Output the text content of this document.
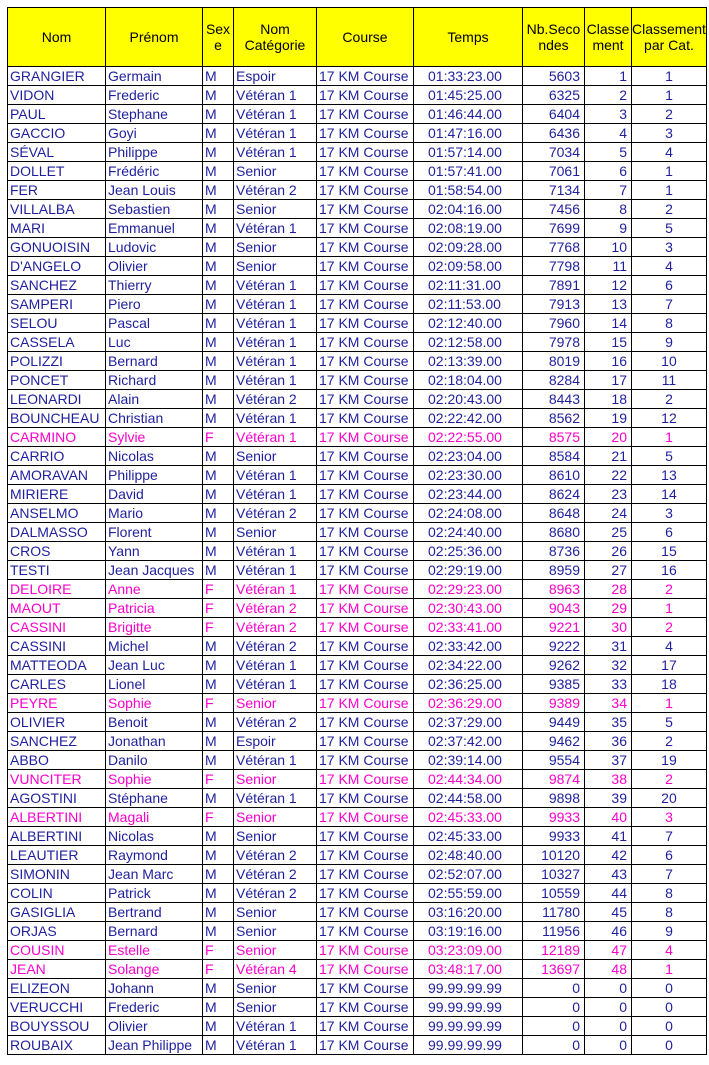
Nom	Prénom	Sexe	Nom Catégorie	Course	Temps	Nb.Secondes	Classement	Classement par Cat.

GRANGIER	Germain	M	Espoir	17 KM Course	01:33:23.00	5603	1	1
VIDON	Frederic	M	Vétéran 1	17 KM Course	01:45:25.00	6325	2	1
PAUL	Stephane	M	Vétéran 1	17 KM Course	01:46:44.00	6404	3	2
GACCIO	Goyi	M	Vétéran 1	17 KM Course	01:47:16.00	6436	4	3
SÉVAL	Philippe	M	Vétéran 1	17 KM Course	01:57:14.00	7034	5	4
DOLLET	Frédéric	M	Senior	17 KM Course	01:57:41.00	7061	6	1
FER	Jean Louis	M	Vétéran 2	17 KM Course	01:58:54.00	7134	7	1
VILLALBA	Sebastien	M	Senior	17 KM Course	02:04:16.00	7456	8	2
MARI	Emmanuel	M	Vétéran 1	17 KM Course	02:08:19.00	7699	9	5
GONUOISIN	Ludovic	M	Senior	17 KM Course	02:09:28.00	7768	10	3
D'ANGELO	Olivier	M	Senior	17 KM Course	02:09:58.00	7798	11	4
SANCHEZ	Thierry	M	Vétéran 1	17 KM Course	02:11:31.00	7891	12	6
SAMPERI	Piero	M	Vétéran 1	17 KM Course	02:11:53.00	7913	13	7
SELOU	Pascal	M	Vétéran 1	17 KM Course	02:12:40.00	7960	14	8
CASSELA	Luc	M	Vétéran 1	17 KM Course	02:12:58.00	7978	15	9
POLIZZI	Bernard	M	Vétéran 1	17 KM Course	02:13:39.00	8019	16	10
PONCET	Richard	M	Vétéran 1	17 KM Course	02:18:04.00	8284	17	11
LEONARDI	Alain	M	Vétéran 2	17 KM Course	02:20:43.00	8443	18	2
BOUNCHEAU	Christian	M	Vétéran 1	17 KM Course	02:22:42.00	8562	19	12
CARMINO	Sylvie	F	Vétéran 1	17 KM Course	02:22:55.00	8575	20	1
CARRIO	Nicolas	M	Senior	17 KM Course	02:23:04.00	8584	21	5
AMORAVAN	Philippe	M	Vétéran 1	17 KM Course	02:23:30.00	8610	22	13
MIRIERE	David	M	Vétéran 1	17 KM Course	02:23:44.00	8624	23	14
ANSELMO	Mario	M	Vétéran 2	17 KM Course	02:24:08.00	8648	24	3
DALMASSO	Florent	M	Senior	17 KM Course	02:24:40.00	8680	25	6
CROS	Yann	M	Vétéran 1	17 KM Course	02:25:36.00	8736	26	15
TESTI	Jean Jacques	M	Vétéran 1	17 KM Course	02:29:19.00	8959	27	16
DELOIRE	Anne	F	Vétéran 1	17 KM Course	02:29:23.00	8963	28	2
MAOUT	Patricia	F	Vétéran 2	17 KM Course	02:30:43.00	9043	29	1
CASSINI	Brigitte	F	Vétéran 2	17 KM Course	02:33:41.00	9221	30	2
CASSINI	Michel	M	Vétéran 2	17 KM Course	02:33:42.00	9222	31	4
MATTEODA	Jean Luc	M	Vétéran 1	17 KM Course	02:34:22.00	9262	32	17
CARLES	Lionel	M	Vétéran 1	17 KM Course	02:36:25.00	9385	33	18
PEYRE	Sophie	F	Senior	17 KM Course	02:36:29.00	9389	34	1
OLIVIER	Benoit	M	Vétéran 2	17 KM Course	02:37:29.00	9449	35	5
SANCHEZ	Jonathan	M	Espoir	17 KM Course	02:37:42.00	9462	36	2
ABBO	Danilo	M	Vétéran 1	17 KM Course	02:39:14.00	9554	37	19
VUNCITER	Sophie	F	Senior	17 KM Course	02:44:34.00	9874	38	2
AGOSTINI	Stéphane	M	Vétéran 1	17 KM Course	02:44:58.00	9898	39	20
ALBERTINI	Magali	F	Senior	17 KM Course	02:45:33.00	9933	40	3
ALBERTINI	Nicolas	M	Senior	17 KM Course	02:45:33.00	9933	41	7
LEAUTIER	Raymond	M	Vétéran 2	17 KM Course	02:48:40.00	10120	42	6
SIMONIN	Jean Marc	M	Vétéran 2	17 KM Course	02:52:07.00	10327	43	7
COLIN	Patrick	M	Vétéran 2	17 KM Course	02:55:59.00	10559	44	8
GASIGLIA	Bertrand	M	Senior	17 KM Course	03:16:20.00	11780	45	8
ORJAS	Bernard	M	Senior	17 KM Course	03:19:16.00	11956	46	9
COUSIN	Estelle	F	Senior	17 KM Course	03:23:09.00	12189	47	4
JEAN	Solange	F	Vétéran 4	17 KM Course	03:48:17.00	13697	48	1
ELIZEON	Johann	M	Senior	17 KM Course	99.99.99.99	0	0	0
VERUCCHI	Frederic	M	Senior	17 KM Course	99.99.99.99	0	0	0
BOUYSSOU	Olivier	M	Vétéran 1	17 KM Course	99.99.99.99	0	0	0
ROUBAIX	Jean Philippe	M	Vétéran 1	17 KM Course	99.99.99.99	0	0	0
